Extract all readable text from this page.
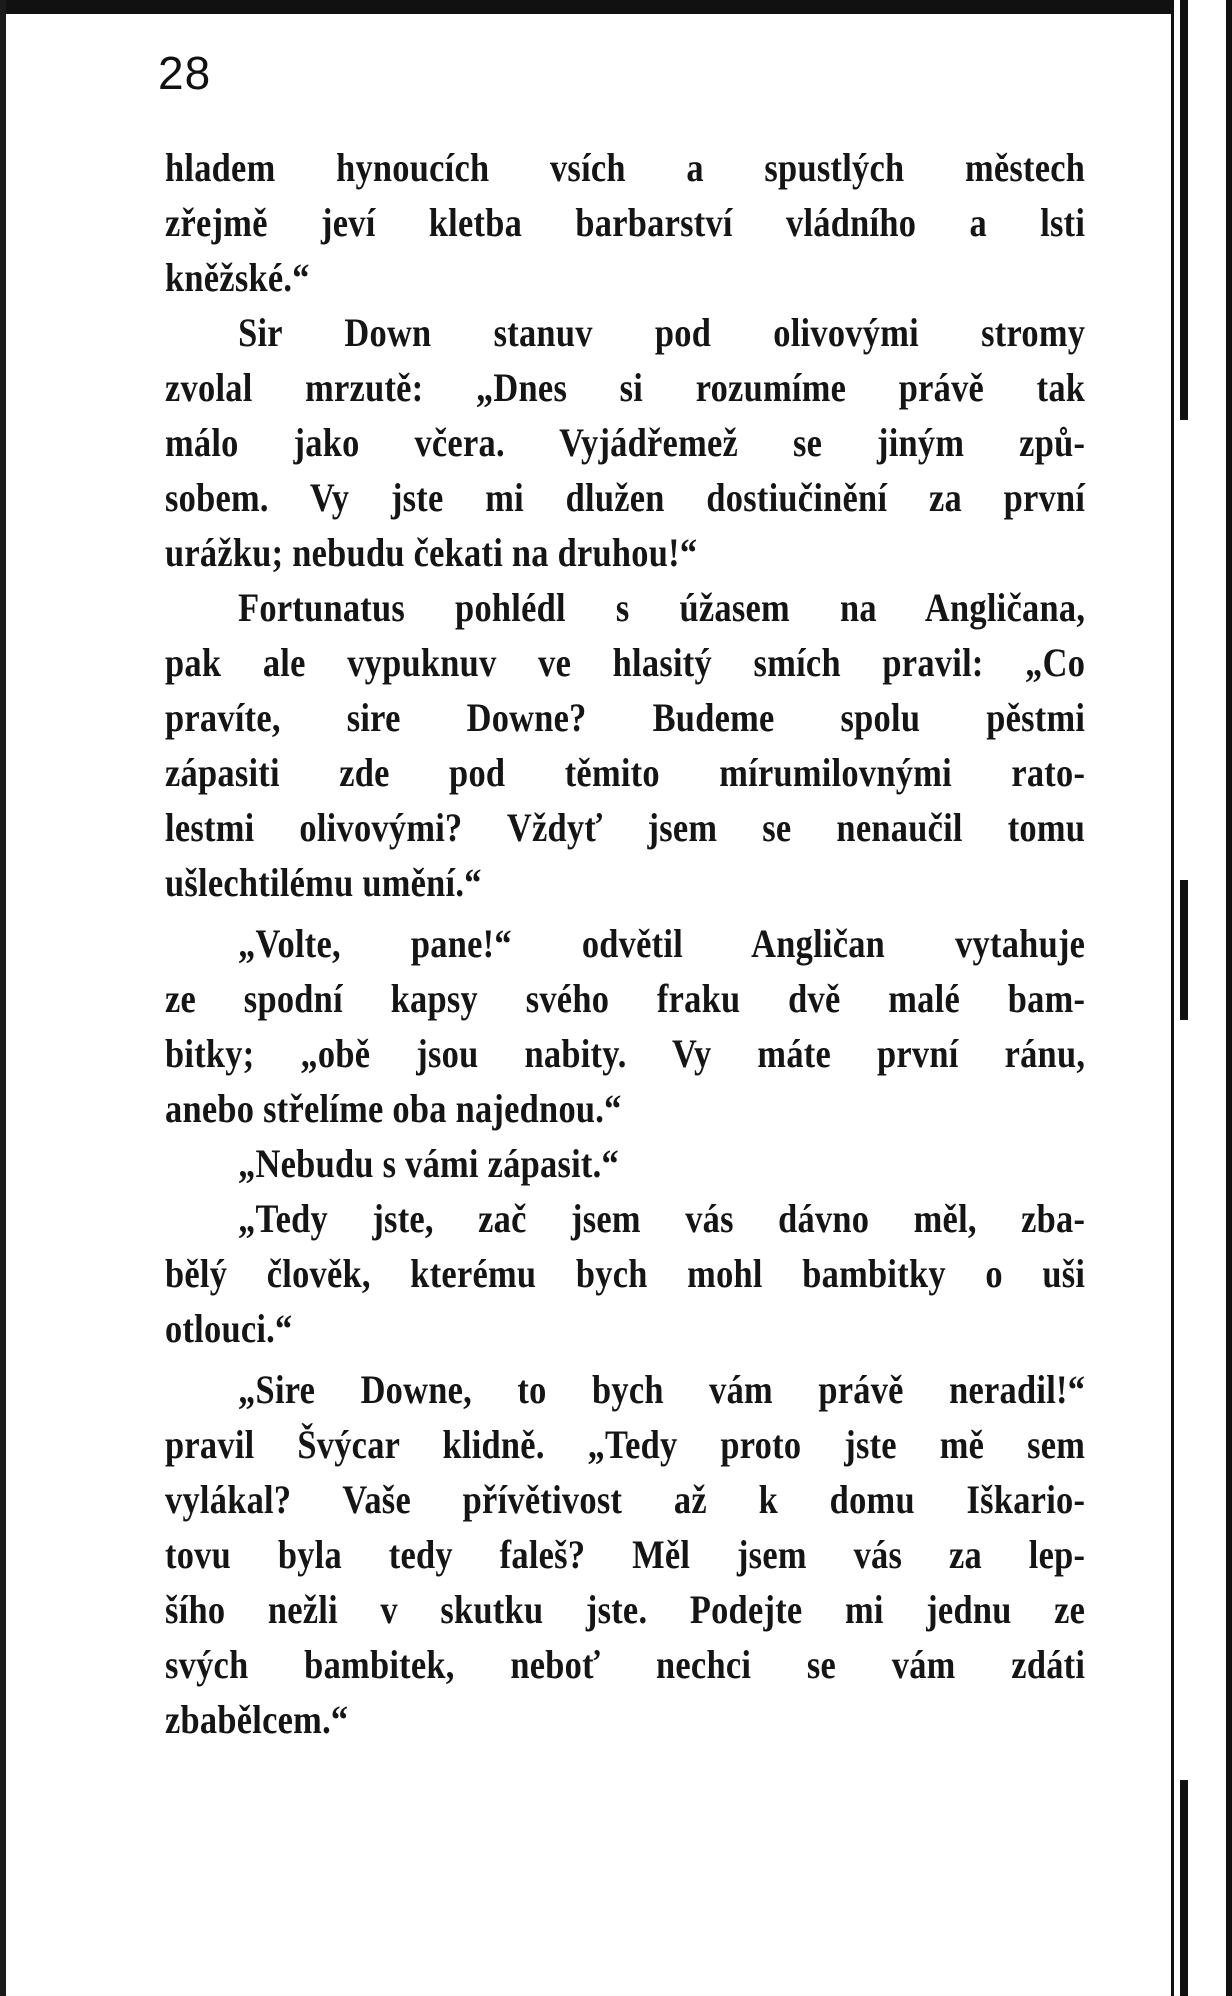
28
hladem hynoucích vsích a spustlých městech
zřejmě jeví kletba barbarství vládního a lsti
kněžské.“
Sir Down stanuv pod olivovými stromy
zvolal mrzutě: „Dnes si rozumíme právě tak
málo jako včera. Vyjádřemež se jiným způ-
sobem. Vy jste mi dlužen dostiučinění za první
urážku; nebudu čekati na druhou!“
Fortunatus pohlédl s úžasem na Angličana,
pak ale vypuknuv ve hlasitý smích pravil: „Co
pravíte, sire Downe? Budeme spolu pěstmi
zápasiti zde pod těmito mírumilovnými rato-
lestmi olivovými? Vždyť jsem se nenaučil tomu
ušlechtilému umění.“
„Volte, pane!“ odvětil Angličan vytahuje
ze spodní kapsy svého fraku dvě malé bam-
bitky; „obě jsou nabity. Vy máte první ránu,
anebo střelíme oba najednou.“
„Nebudu s vámi zápasit.“
„Tedy jste, zač jsem vás dávno měl, zba-
bělý člověk, kterému bych mohl bambitky o uši
otlouci.“
„Sire Downe, to bych vám právě neradil!“
pravil Švýcar klidně. „Tedy proto jste mě sem
vylákal? Vaše přívětivost až k domu Iškario-
tovu byla tedy faleš? Měl jsem vás za lep-
šího nežli v skutku jste. Podejte mi jednu ze
svých bambitek, neboť nechci se vám zdáti
zbabělcem.“
